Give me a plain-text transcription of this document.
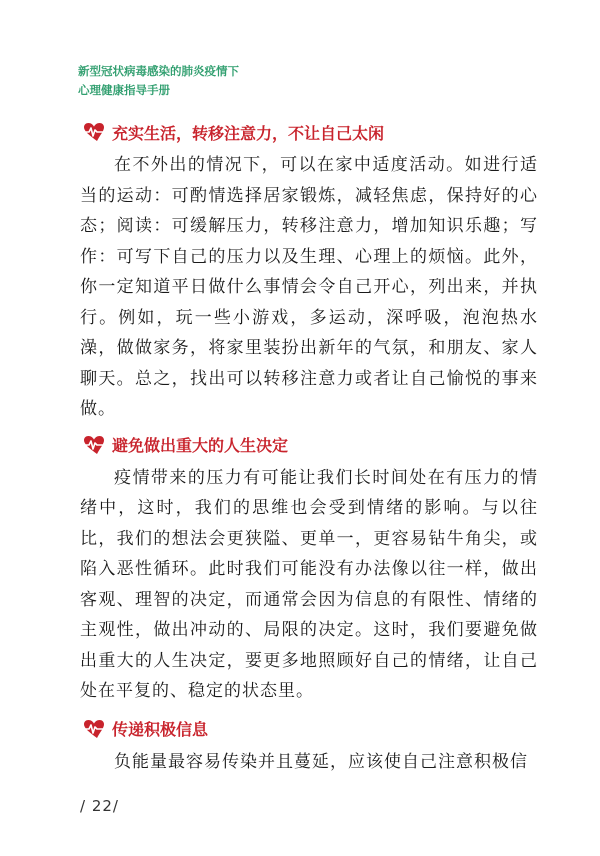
新型冠状病毒感染的肺炎疫情下
心理健康指导手册
充实生活，转移注意力，不让自己太闲

在不外出的情况下，可以在家中适度活动。如进行适当的运动：可酌情选择居家锻炼，减轻焦虑，保持好的心态；阅读：可缓解压力，转移注意力，增加知识乐趣；写作：可写下自己的压力以及生理、心理上的烦恼。此外，你一定知道平日做什么事情会令自己开心，列出来，并执行。例如，玩一些小游戏，多运动，深呼吸，泡泡热水澡，做做家务，将家里装扮出新年的气氛，和朋友、家人聊天。总之，找出可以转移注意力或者让自己愉悦的事来做。

避免做出重大的人生决定

疫情带来的压力有可能让我们长时间处在有压力的情绪中，这时，我们的思维也会受到情绪的影响。与以往比，我们的想法会更狭隘、更单一，更容易钻牛角尖，或陷入恶性循环。此时我们可能没有办法像以往一样，做出客观、理智的决定，而通常会因为信息的有限性、情绪的主观性，做出冲动的、局限的决定。这时，我们要避免做出重大的人生决定，要更多地照顾好自己的情绪，让自己处在平复的、稳定的状态里。

传递积极信息

负能量最容易传染并且蔓延，应该使自己注意积极信

/ 22/
